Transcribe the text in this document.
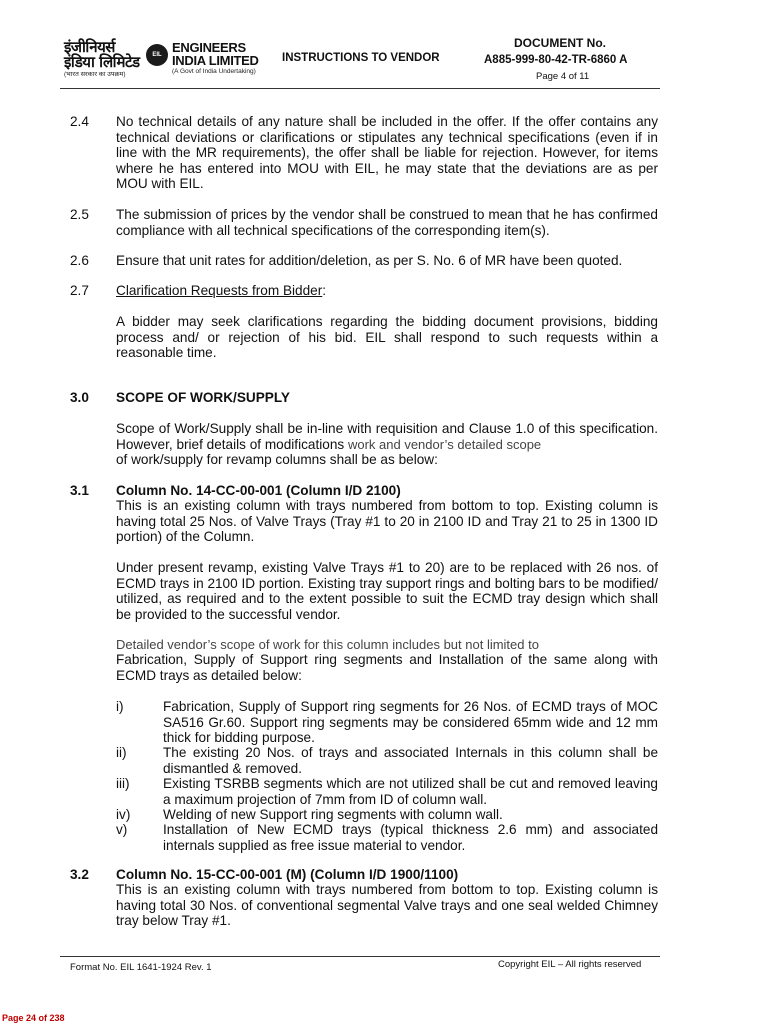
इंजीनियर्स इंडिया लिमिटेड
(भारत सरकार का उपक्रम)
EIL ENGINEERS
INDIA LIMITED
(A Govt of India Undertaking)
INSTRUCTIONS TO VENDOR
DOCUMENT No.
A885-999-80-42-TR-6860 A
Page 4 of 11
2.4 No technical details of any nature shall be included in the offer. If the offer contains any technical deviations or clarifications or stipulates any technical specifications (even if in line with the MR requirements), the offer shall be liable for rejection. However, for items where he has entered into MOU with EIL, he may state that the deviations are as per MOU with EIL.
2.5 The submission of prices by the vendor shall be construed to mean that he has confirmed compliance with all technical specifications of the corresponding item(s).
2.6 Ensure that unit rates for addition/deletion, as per S. No. 6 of MR have been quoted.
2.7 Clarification Requests from Bidder:
A bidder may seek clarifications regarding the bidding document provisions, bidding process and/ or rejection of his bid. EIL shall respond to such requests within a reasonable time.
3.0 SCOPE OF WORK/SUPPLY
Scope of Work/Supply shall be in-line with requisition and Clause 1.0 of this specification. However, brief details of modifications work and vendor’s detailed scope
of work/supply for revamp columns shall be as below:
3.1 Column No. 14-CC-00-001 (Column I/D 2100)
This is an existing column with trays numbered from bottom to top. Existing column is having total 25 Nos. of Valve Trays (Tray #1 to 20 in 2100 ID and Tray 21 to 25 in 1300 ID portion) of the Column.
Under present revamp, existing Valve Trays #1 to 20) are to be replaced with 26 nos. of ECMD trays in 2100 ID portion. Existing tray support rings and bolting bars to be modified/ utilized, as required and to the extent possible to suit the ECMD tray design which shall be provided to the successful vendor.
Detailed vendor’s scope of work for this column includes but not limited to
Fabrication, Supply of Support ring segments and Installation of the same along with ECMD trays as detailed below:
i)	Fabrication, Supply of Support ring segments for 26 Nos. of ECMD trays of MOC SA516 Gr.60. Support ring segments may be considered 65mm wide and 12 mm thick for bidding purpose.
ii)	The existing 20 Nos. of trays and associated Internals in this column shall be dismantled & removed.
iii) Existing TSRBB segments which are not utilized shall be cut and removed leaving a maximum projection of 7mm from ID of column wall.
iv) Welding of new Support ring segments with column wall.
v)	Installation of New ECMD trays (typical thickness 2.6 mm) and associated internals supplied as free issue material to vendor.
3.2 Column No. 15-CC-00-001 (M) (Column I/D 1900/1100)
This is an existing column with trays numbered from bottom to top. Existing column is having total 30 Nos. of conventional segmental Valve trays and one seal welded Chimney tray below Tray #1.
Format No. EIL 1641-1924 Rev. 1	Copyright EIL – All rights reserved
Page 24 of 238
